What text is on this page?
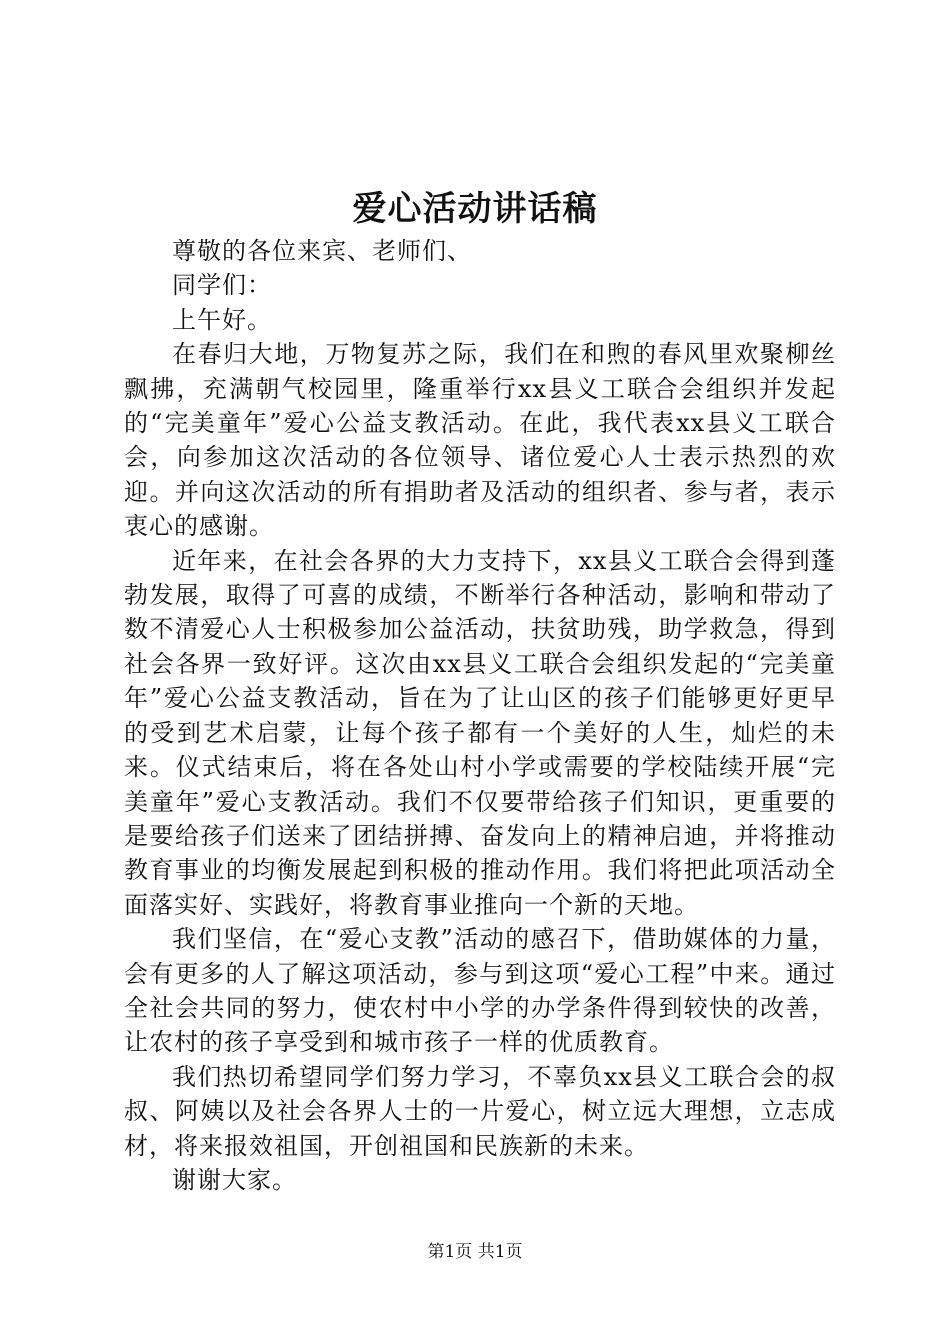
爱心活动讲话稿

尊敬的各位来宾、老师们、

同学们：

上午好。

在春归大地，万物复苏之际，我们在和煦的春风里欢聚柳丝飘拂，充满朝气校园里，隆重举行xx县义工联合会组织并发起的“完美童年”爱心公益支教活动。在此，我代表xx县义工联合会，向参加这次活动的各位领导、诸位爱心人士表示热烈的欢迎。并向这次活动的所有捐助者及活动的组织者、参与者，表示衷心的感谢。

近年来，在社会各界的大力支持下，xx县义工联合会得到蓬勃发展，取得了可喜的成绩，不断举行各种活动，影响和带动了数不清爱心人士积极参加公益活动，扶贫助残，助学救急，得到社会各界一致好评。这次由xx县义工联合会组织发起的“完美童年”爱心公益支教活动，旨在为了让山区的孩子们能够更好更早的受到艺术启蒙，让每个孩子都有一个美好的人生，灿烂的未来。仪式结束后，将在各处山村小学或需要的学校陆续开展“完美童年”爱心支教活动。我们不仅要带给孩子们知识，更重要的是要给孩子们送来了团结拼搏、奋发向上的精神启迪，并将推动教育事业的均衡发展起到积极的推动作用。我们将把此项活动全面落实好、实践好，将教育事业推向一个新的天地。

我们坚信，在“爱心支教”活动的感召下，借助媒体的力量，会有更多的人了解这项活动，参与到这项“爱心工程”中来。通过全社会共同的努力，使农村中小学的办学条件得到较快的改善，让农村的孩子享受到和城市孩子一样的优质教育。

我们热切希望同学们努力学习，不辜负xx县义工联合会的叔叔、阿姨以及社会各界人士的一片爱心，树立远大理想，立志成材，将来报效祖国，开创祖国和民族新的未来。

谢谢大家。

第1页 共1页
